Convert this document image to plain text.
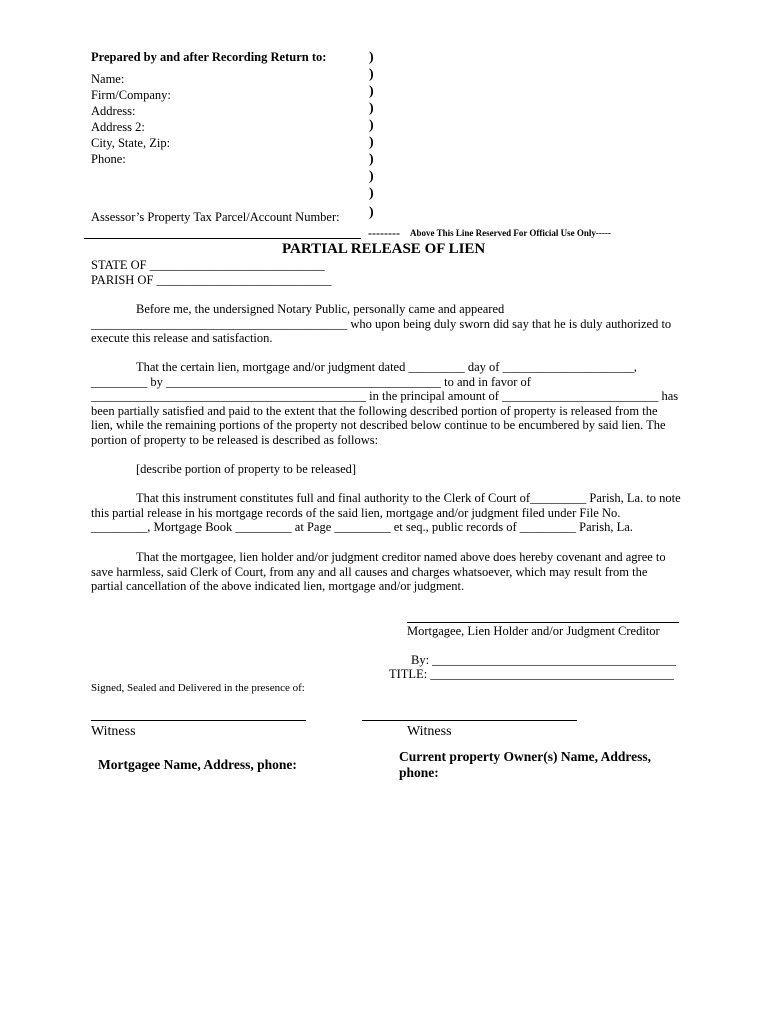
Prepared by and after Recording Return to:
Name:
Firm/Company:
Address:
Address 2:
City, State, Zip:
Phone:
Assessor’s Property Tax Parcel/Account Number:
)
)
)
)
)
)
)
)
)
)
-------- Above This Line Reserved For Official Use Only-----
PARTIAL RELEASE OF LIEN
STATE OF ____________________________
PARISH OF ____________________________
Before me, the undersigned Notary Public, personally came and appeared _________________________________________ who upon being duly sworn did say that he is duly authorized to execute this release and satisfaction.
That the certain lien, mortgage and/or judgment dated _________ day of _____________________, _________ by ____________________________________________ to and in favor of ____________________________________________ in the principal amount of _________________________ has been partially satisfied and paid to the extent that the following described portion of property is released from the lien, while the remaining portions of the property not described below continue to be encumbered by said lien. The portion of property to be released is described as follows:
[describe portion of property to be released]
That this instrument constitutes full and final authority to the Clerk of Court of_________ Parish, La. to note this partial release in his mortgage records of the said lien, mortgage and/or judgment filed under File No. _________, Mortgage Book _________ at Page _________ et seq., public records of _________ Parish, La.
That the mortgagee, lien holder and/or judgment creditor named above does hereby covenant and agree to save harmless, said Clerk of Court, from any and all causes and charges whatsoever, which may result from the partial cancellation of the above indicated lien, mortgage and/or judgment.
Mortgagee, Lien Holder and/or Judgment Creditor
By: _______________________________________
TITLE: _______________________________________
Signed, Sealed and Delivered in the presence of:
Witness	Witness
Mortgagee Name, Address, phone:
Current property Owner(s) Name, Address, phone:
